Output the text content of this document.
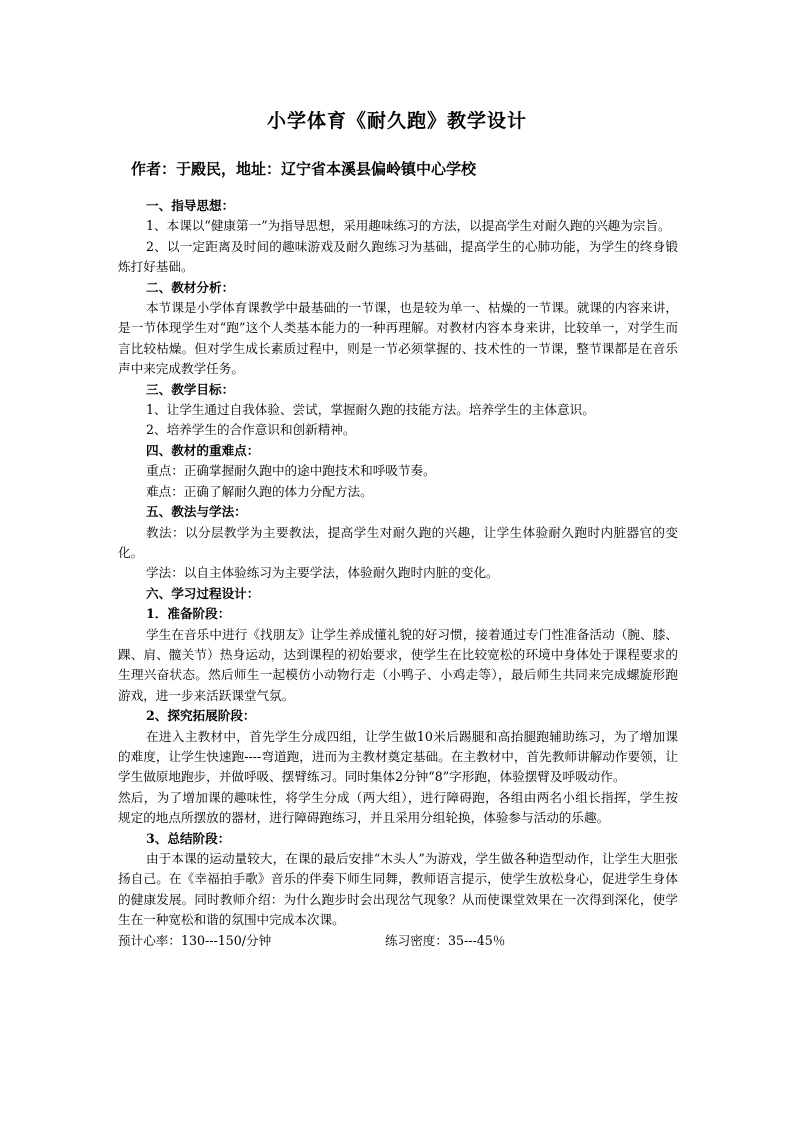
小学体育《耐久跑》教学设计
作者：于殿民，地址：辽宁省本溪县偏岭镇中心学校

一、指导思想：

1、本课以“健康第一”为指导思想，采用趣味练习的方法，以提高学生对耐久跑的兴趣为宗旨。

2、以一定距离及时间的趣味游戏及耐久跑练习为基础，提高学生的心肺功能，为学生的终身锻炼打好基础。

二、教材分析：

本节课是小学体育课教学中最基础的一节课，也是较为单一、枯燥的一节课。就课的内容来讲，是一节体现学生对“跑”这个人类基本能力的一种再理解。对教材内容本身来讲，比较单一，对学生而言比较枯燥。但对学生成长素质过程中，则是一节必须掌握的、技术性的一节课，整节课都是在音乐声中来完成教学任务。

三、教学目标：

1、让学生通过自我体验、尝试，掌握耐久跑的技能方法。培养学生的主体意识。

2、培养学生的合作意识和创新精神。

四、教材的重难点：

重点：正确掌握耐久跑中的途中跑技术和呼吸节奏。

难点：正确了解耐久跑的体力分配方法。

五、教法与学法：

教法：以分层教学为主要教法，提高学生对耐久跑的兴趣，让学生体验耐久跑时内脏器官的变化。

学法：以自主体验练习为主要学法，体验耐久跑时内脏的变化。

六、学习过程设计：

1．准备阶段：

学生在音乐中进行《找朋友》让学生养成懂礼貌的好习惯，接着通过专门性准备活动（腕、膝、踝、肩、髋关节）热身运动，达到课程的初始要求，使学生在比较宽松的环境中身体处于课程要求的生理兴奋状态。然后师生一起模仿小动物行走（小鸭子、小鸡走等），最后师生共同来完成螺旋形跑游戏，进一步来活跃课堂气氛。

2、探究拓展阶段：

在进入主教材中，首先学生分成四组，让学生做10米后踢腿和高抬腿跑辅助练习，为了增加课的难度，让学生快速跑----弯道跑，进而为主教材奠定基础。在主教材中，首先教师讲解动作要领，让学生做原地跑步，并做呼吸、摆臂练习。同时集体2分钟“8”字形跑，体验摆臂及呼吸动作。

然后，为了增加课的趣味性，将学生分成（两大组），进行障碍跑，各组由两名小组长指挥，学生按规定的地点所摆放的器材，进行障碍跑练习，并且采用分组轮换，体验参与活动的乐趣。

3、总结阶段：

由于本课的运动量较大，在课的最后安排“木头人”为游戏，学生做各种造型动作，让学生大胆张扬自己。在《幸福拍手歌》音乐的伴奏下师生同舞，教师语言提示，使学生放松身心，促进学生身体的健康发展。同时教师介绍：为什么跑步时会出现岔气现象？从而使课堂效果在一次得到深化，使学生在一种宽松和谐的氛围中完成本次课。

预计心率：130---150/分钟	练习密度：35---45％
